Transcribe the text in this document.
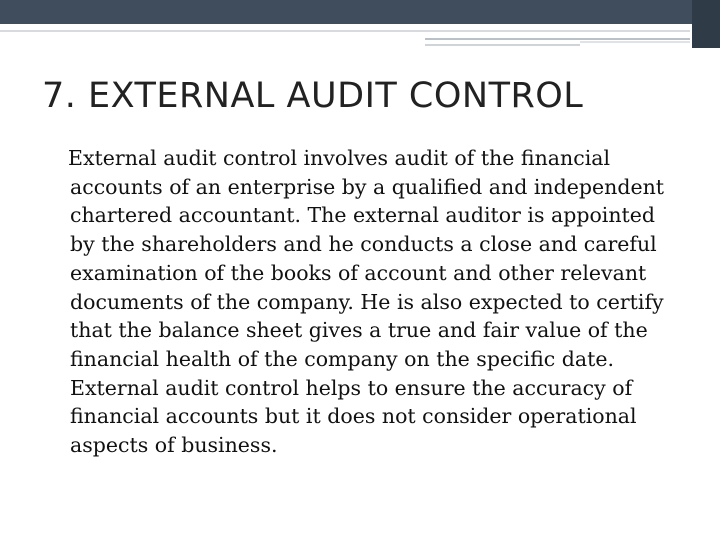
7. EXTERNAL AUDIT CONTROL

External audit control involves audit of the financial accounts of an enterprise by a qualified and independent chartered accountant. The external auditor is appointed by the shareholders and he conducts a close and careful examination of the books of account and other relevant documents of the company. He is also expected to certify that the balance sheet gives a true and fair value of the financial health of the company on the specific date. External audit control helps to ensure the accuracy of financial accounts but it does not consider operational aspects of business.
